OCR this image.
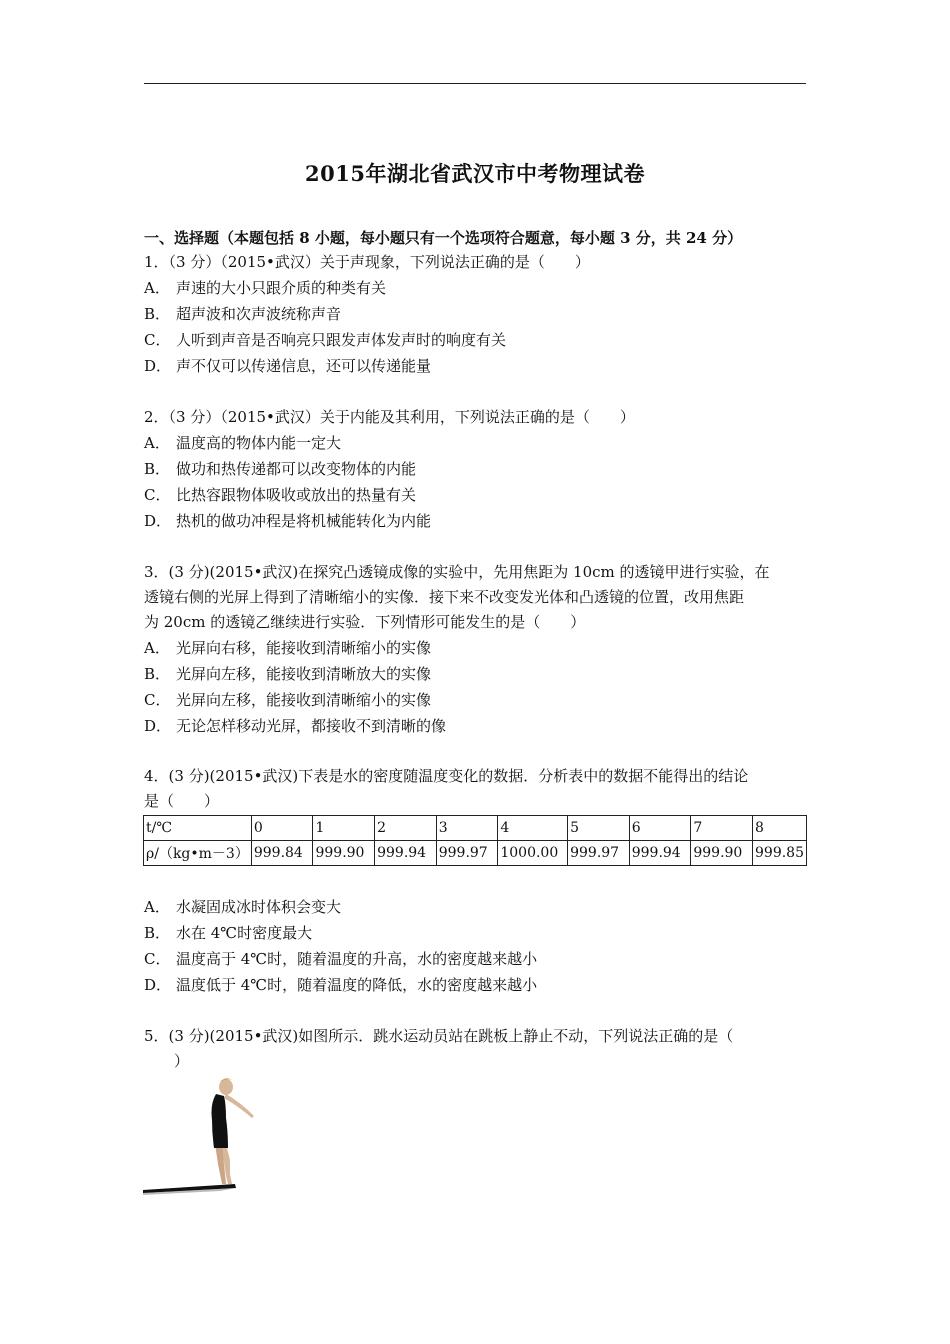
2015年湖北省武汉市中考物理试卷
一、选择题（本题包括 8 小题，每小题只有一个选项符合题意，每小题 3 分，共 24 分）
1．（3 分）（2015•武汉）关于声现象，下列说法正确的是（　　）
A． 声速的大小只跟介质的种类有关
B． 超声波和次声波统称声音
C． 人听到声音是否响亮只跟发声体发声时的响度有关
D． 声不仅可以传递信息，还可以传递能量
2．（3 分）（2015•武汉）关于内能及其利用，下列说法正确的是（　　）
A． 温度高的物体内能一定大
B． 做功和热传递都可以改变物体的内能
C． 比热容跟物体吸收或放出的热量有关
D． 热机的做功冲程是将机械能转化为内能
3．(3 分)(2015•武汉)在探究凸透镜成像的实验中，先用焦距为 10cm 的透镜甲进行实验，在
透镜右侧的光屏上得到了清晰缩小的实像．接下来不改变发光体和凸透镜的位置，改用焦距
为 20cm 的透镜乙继续进行实验．下列情形可能发生的是（　　）
A． 光屏向右移，能接收到清晰缩小的实像
B． 光屏向左移，能接收到清晰放大的实像
C． 光屏向左移，能接收到清晰缩小的实像
D． 无论怎样移动光屏，都接收不到清晰的像
4．(3 分)(2015•武汉)下表是水的密度随温度变化的数据．分析表中的数据不能得出的结论
是（　　）
t/℃	0	1	2	3	4	5	6	7	8
ρ/（kg•m－3）	999.84	999.90	999.94	999.97	1000.00	999.97	999.94	999.90	999.85
A． 水凝固成冰时体积会变大
B． 水在 4℃时密度最大
C． 温度高于 4℃时，随着温度的升高，水的密度越来越小
D． 温度低于 4℃时，随着温度的降低，水的密度越来越小
5．(3 分)(2015•武汉)如图所示．跳水运动员站在跳板上静止不动，下列说法正确的是（
　　）
